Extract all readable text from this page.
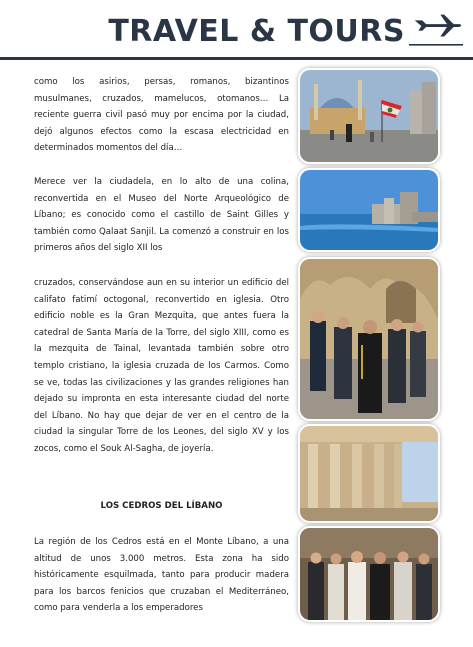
TRAVEL & TOURS

como los asirios, persas, romanos, bizantinos musulmanes, cruzados, mamelucos, otomanos… La reciente guerra civil pasó muy por encima por la ciudad, dejó algunos efectos como la escasa electricidad en determinados momentos del día…

Merece ver la ciudadela, en lo alto de una colina, reconvertida en el Museo del Norte Arqueológico de Líbano; es conocido como el castillo de Saint Gilles y también como Qalaat Sanjil. La comenzó a construir en los primeros años del siglo XII los

cruzados, conservándose aun en su interior un edificio del califato fatimí octogonal, reconvertido en iglesia. Otro edificio noble es la Gran Mezquita, que antes fuera la catedral de Santa María de la Torre, del siglo XIII, como es la mezquita de Tainal, levantada también sobre otro templo cristiano, la iglesia cruzada de los Carmos. Como se ve, todas las civilizaciones y las grandes religiones han dejado su impronta en esta interesante ciudad del norte del Líbano. No hay que dejar de ver en el centro de la ciudad la singular Torre de los Leones, del siglo XV y los zocos, como el Souk Al-Sagha, de joyería.

LOS CEDROS DEL LÍBANO

La región de los Cedros está en el Monte Líbano, a una altitud de unos 3.000 metros. Esta zona ha sido históricamente esquilmada, tanto para producir madera para los barcos fenicios que cruzaban el Mediterráneo, como para venderla a los emperadores
